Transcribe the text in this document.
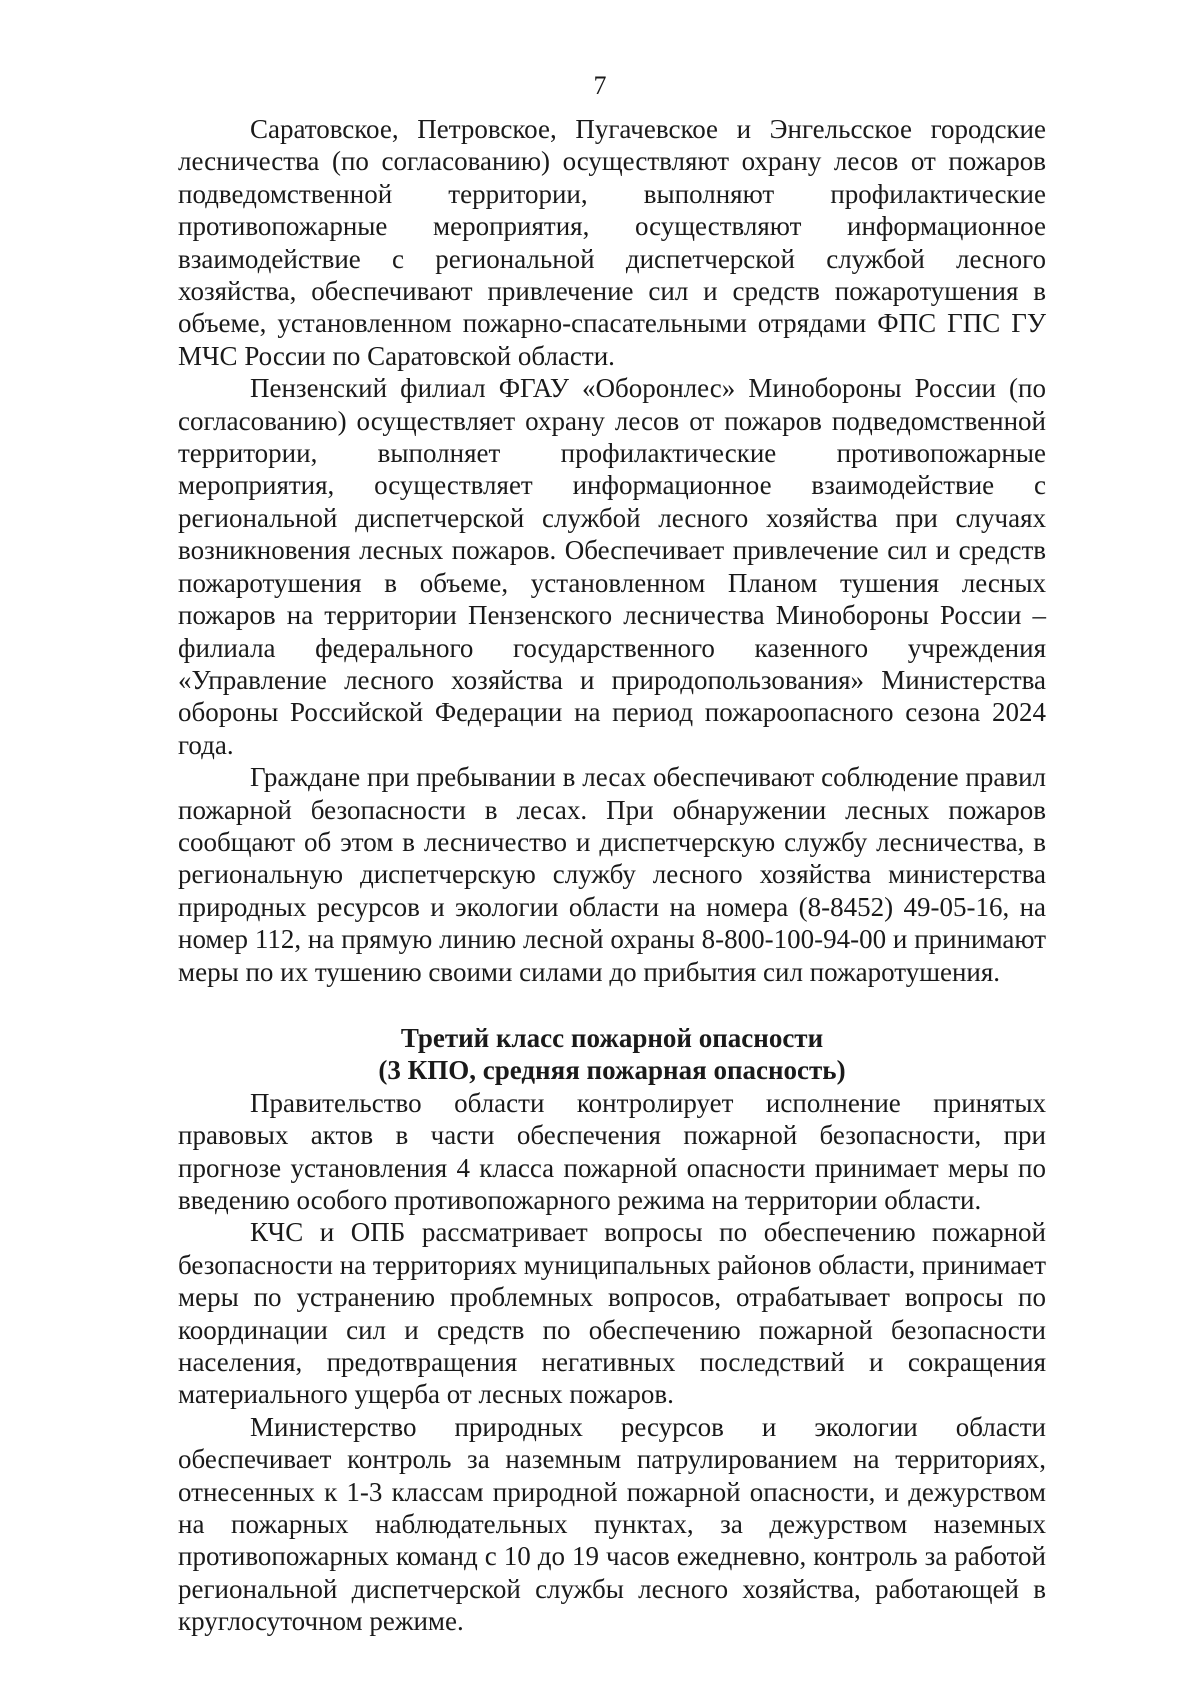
7

Саратовское, Петровское, Пугачевское и Энгельсское городские лесничества (по согласованию) осуществляют охрану лесов от пожаров подведомственной территории, выполняют профилактические противопожарные мероприятия, осуществляют информационное взаимодействие с региональной диспетчерской службой лесного хозяйства, обеспечивают привлечение сил и средств пожаротушения в объеме, установленном пожарно-спасательными отрядами ФПС ГПС ГУ МЧС России по Саратовской области.

Пензенский филиал ФГАУ «Оборонлес» Минобороны России (по согласованию) осуществляет охрану лесов от пожаров подведомственной территории, выполняет профилактические противопожарные мероприятия, осуществляет информационное взаимодействие с региональной диспетчерской службой лесного хозяйства при случаях возникновения лесных пожаров. Обеспечивает привлечение сил и средств пожаротушения в объеме, установленном Планом тушения лесных пожаров на территории Пензенского лесничества Минобороны России – филиала федерального государственного казенного учреждения «Управление лесного хозяйства и природопользования» Министерства обороны Российской Федерации на период пожароопасного сезона 2024 года.

Граждане при пребывании в лесах обеспечивают соблюдение правил пожарной безопасности в лесах. При обнаружении лесных пожаров сообщают об этом в лесничество и диспетчерскую службу лесничества, в региональную диспетчерскую службу лесного хозяйства министерства природных ресурсов и экологии области на номера (8-8452) 49-05-16, на номер 112, на прямую линию лесной охраны 8-800-100-94-00 и принимают меры по их тушению своими силами до прибытия сил пожаротушения.

Третий класс пожарной опасности
(3 КПО, средняя пожарная опасность)

Правительство области контролирует исполнение принятых правовых актов в части обеспечения пожарной безопасности, при прогнозе установления 4 класса пожарной опасности принимает меры по введению особого противопожарного режима на территории области.

КЧС и ОПБ рассматривает вопросы по обеспечению пожарной безопасности на территориях муниципальных районов области, принимает меры по устранению проблемных вопросов, отрабатывает вопросы по координации сил и средств по обеспечению пожарной безопасности населения, предотвращения негативных последствий и сокращения материального ущерба от лесных пожаров.

Министерство природных ресурсов и экологии области обеспечивает контроль за наземным патрулированием на территориях, отнесенных к 1-3 классам природной пожарной опасности, и дежурством на пожарных наблюдательных пунктах, за дежурством наземных противопожарных команд с 10 до 19 часов ежедневно, контроль за работой региональной диспетчерской службы лесного хозяйства, работающей в круглосуточном режиме.
